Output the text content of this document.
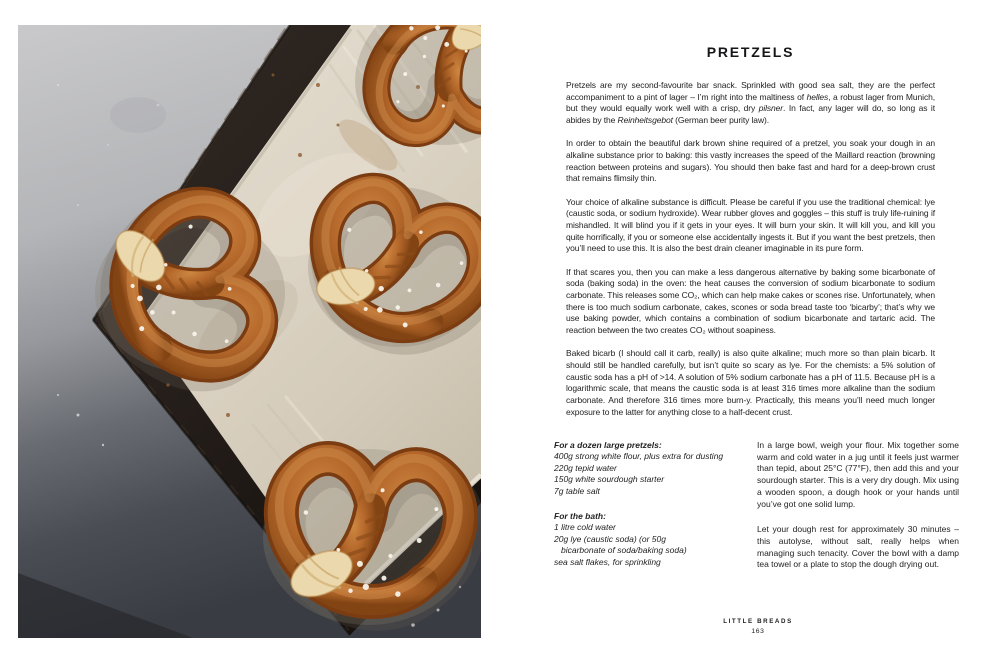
PRETZELS

Pretzels are my second-favourite bar snack. Sprinkled with good sea salt, they are the perfect accompaniment to a pint of lager – I’m right into the maltiness of helles, a robust lager from Munich, but they would equally work well with a crisp, dry pilsner. In fact, any lager will do, so long as it abides by the Reinheitsgebot (German beer purity law).

In order to obtain the beautiful dark brown shine required of a pretzel, you soak your dough in an alkaline substance prior to baking: this vastly increases the speed of the Maillard reaction (browning reaction between proteins and sugars). You should then bake fast and hard for a deep-brown crust that remains flimsily thin.

Your choice of alkaline substance is difficult. Please be careful if you use the traditional chemical: lye (caustic soda, or sodium hydroxide). Wear rubber gloves and goggles – this stuff is truly life-ruining if mishandled. It will blind you if it gets in your eyes. It will burn your skin. It will kill you, and kill you quite horrifically, if you or someone else accidentally ingests it. But if you want the best pretzels, then you’ll need to use this. It is also the best drain cleaner imaginable in its pure form.

If that scares you, then you can make a less dangerous alternative by baking some bicarbonate of soda (baking soda) in the oven: the heat causes the conversion of sodium bicarbonate to sodium carbonate. This releases some CO₂, which can help make cakes or scones rise. Unfortunately, when there is too much sodium carbonate, cakes, scones or soda bread taste too ‘bicarby’; that’s why we use baking powder, which contains a combination of sodium bicarbonate and tartaric acid. The reaction between the two creates CO₂ without soapiness.

Baked bicarb (I should call it carb, really) is also quite alkaline; much more so than plain bicarb. It should still be handled carefully, but isn’t quite so scary as lye. For the chemists: a 5% solution of caustic soda has a pH of >14. A solution of 5% sodium carbonate has a pH of 11.5. Because pH is a logarithmic scale, that means the caustic soda is at least 316 times more alkaline than the sodium carbonate. And therefore 316 times more burn-y. Practically, this means you’ll need much longer exposure to the latter for anything close to a half-decent crust.

For a dozen large pretzels:
400g strong white flour, plus extra for dusting
220g tepid water
150g white sourdough starter
7g table salt
For the bath:
1 litre cold water
20g lye (caustic soda) (or 50g
bicarbonate of soda/baking soda)
sea salt flakes, for sprinkling

In a large bowl, weigh your flour. Mix together some warm and cold water in a jug until it feels just warmer than tepid, about 25°C (77°F), then add this and your sourdough starter. This is a very dry dough. Mix using a wooden spoon, a dough hook or your hands until you’ve got one solid lump.

Let your dough rest for approximately 30 minutes – this autolyse, without salt, really helps when managing such tenacity. Cover the bowl with a damp tea towel or a plate to stop the dough drying out.

LITTLE BREADS
163
